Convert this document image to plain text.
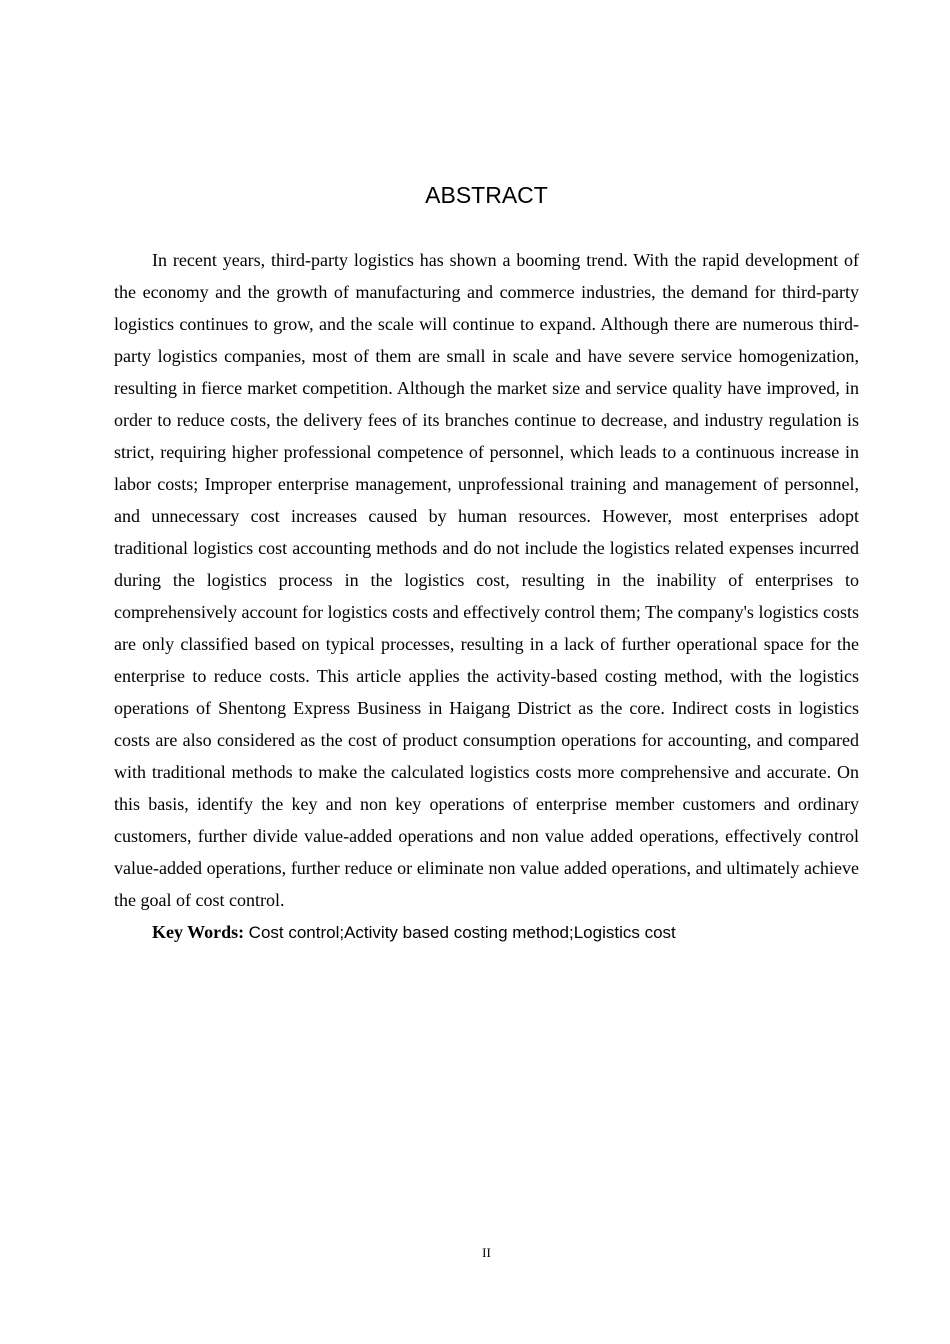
ABSTRACT

In recent years, third-party logistics has shown a booming trend. With the rapid development of the economy and the growth of manufacturing and commerce industries, the demand for third-party logistics continues to grow, and the scale will continue to expand. Although there are numerous third-party logistics companies, most of them are small in scale and have severe service homogenization, resulting in fierce market competition. Although the market size and service quality have improved, in order to reduce costs, the delivery fees of its branches continue to decrease, and industry regulation is strict, requiring higher professional competence of personnel, which leads to a continuous increase in labor costs; Improper enterprise management, unprofessional training and management of personnel, and unnecessary cost increases caused by human resources. However, most enterprises adopt traditional logistics cost accounting methods and do not include the logistics related expenses incurred during the logistics process in the logistics cost, resulting in the inability of enterprises to comprehensively account for logistics costs and effectively control them; The company's logistics costs are only classified based on typical processes, resulting in a lack of further operational space for the enterprise to reduce costs. This article applies the activity-based costing method, with the logistics operations of Shentong Express Business in Haigang District as the core. Indirect costs in logistics costs are also considered as the cost of product consumption operations for accounting, and compared with traditional methods to make the calculated logistics costs more comprehensive and accurate. On this basis, identify the key and non key operations of enterprise member customers and ordinary customers, further divide value-added operations and non value added operations, effectively control value-added operations, further reduce or eliminate non value added operations, and ultimately achieve the goal of cost control.

Key Words: Cost control;Activity based costing method;Logistics cost

II
